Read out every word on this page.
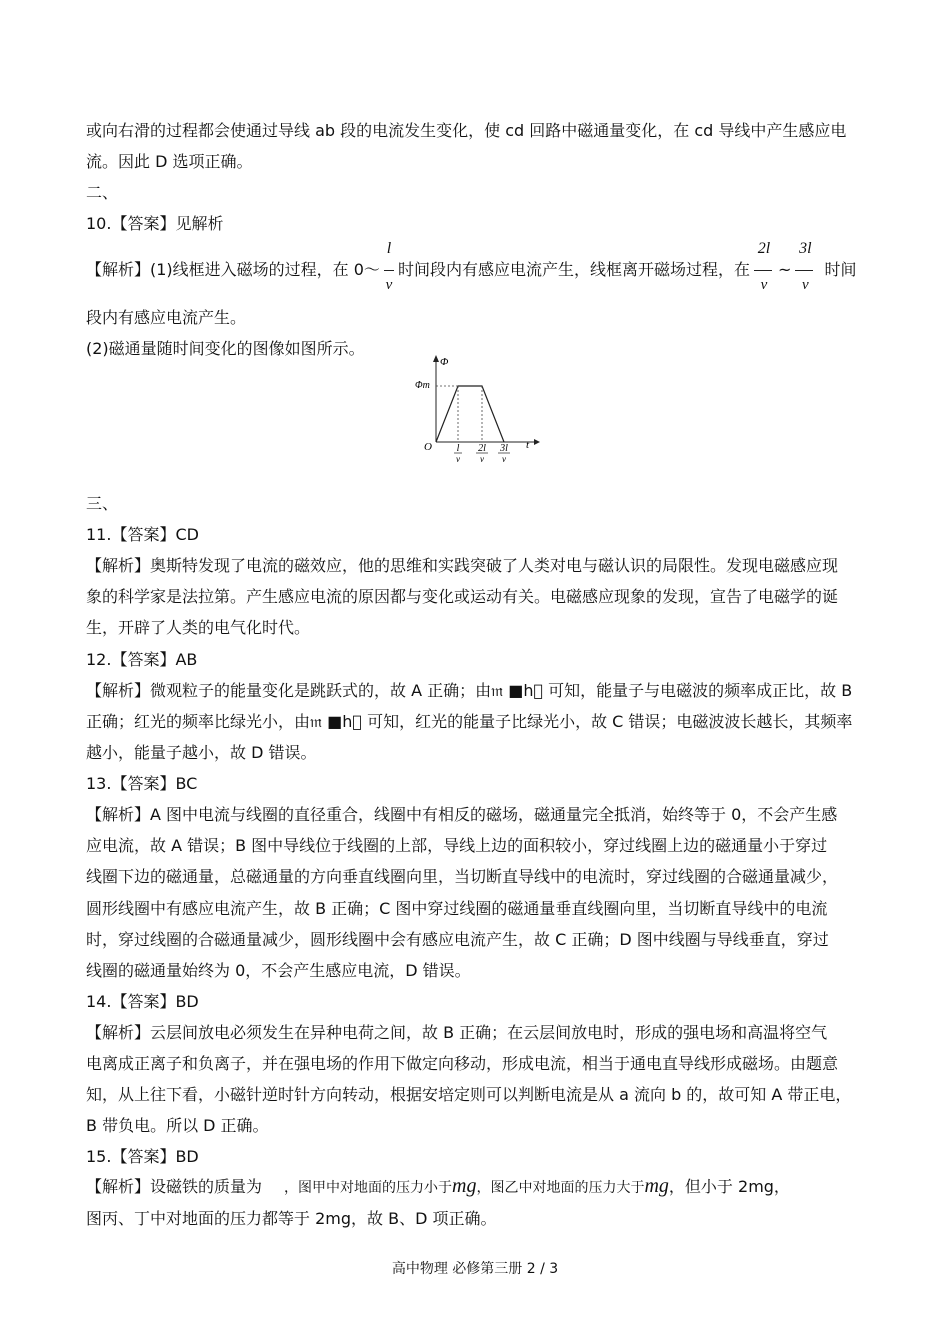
或向右滑的过程都会使通过导线 ab 段的电流发生变化，使 cd 回路中磁通量变化，在 cd 导线中产生感应电
流。因此 D 选项正确。
二、
10.【答案】见解析
【解析】(1)线框进入磁场的过程，在 0～ $\frac{l}{v}$ 时间段内有感应电流产生，线框离开磁场过程，在 $\frac{2l}{v}$ ~ $\frac{3l}{v}$ 时间
段内有感应电流产生。
(2)磁通量随时间变化的图像如图所示。
Φ
Φm
O	t
l
v
2l
v
3l
v
三、
11.【答案】CD
【解析】奥斯特发现了电流的磁效应，他的思维和实践突破了人类对电与磁认识的局限性。发现电磁感应现
象的科学家是法拉第。产生感应电流的原因都与变化或运动有关。电磁感应现象的发现，宣告了电磁学的诞
生，开辟了人类的电气化时代。
12.【答案】AB
【解析】微观粒子的能量变化是跳跃式的，故 A 正确；由𝔪 ■h⃞ 可知，能量子与电磁波的频率成正比，故 B
正确；红光的频率比绿光小，由𝔪 ■h⃞ 可知，红光的能量子比绿光小，故 C 错误；电磁波波长越长，其频率
越小，能量子越小，故 D 错误。
13.【答案】BC
【解析】A 图中电流与线圈的直径重合，线圈中有相反的磁场，磁通量完全抵消，始终等于 0，不会产生感
应电流，故 A 错误；B 图中导线位于线圈的上部，导线上边的面积较小，穿过线圈上边的磁通量小于穿过
线圈下边的磁通量，总磁通量的方向垂直线圈向里，当切断直导线中的电流时，穿过线圈的合磁通量减少，
圆形线圈中有感应电流产生，故 B 正确；C 图中穿过线圈的磁通量垂直线圈向里，当切断直导线中的电流
时，穿过线圈的合磁通量减少，圆形线圈中会有感应电流产生，故 C 正确；D 图中线圈与导线垂直，穿过
线圈的磁通量始终为 0，不会产生感应电流，D 错误。
14.【答案】BD
【解析】云层间放电必须发生在异种电荷之间，故 B 正确；在云层间放电时，形成的强电场和高温将空气
电离成正离子和负离子，并在强电场的作用下做定向移动，形成电流，相当于通电直导线形成磁场。由题意
知，从上往下看，小磁针逆时针方向转动，根据安培定则可以判断电流是从 a 流向 b 的，故可知 A 带正电，
B 带负电。所以 D 正确。
15.【答案】BD
【解析】设磁铁的质量为 ，图甲中对地面的压力小于mg，图乙中对地面的压力大于mg，但小于 2mg，
图丙、丁中对地面的压力都等于 2mg，故 B、D 项正确。
高中物理 必修第三册 2 / 3
